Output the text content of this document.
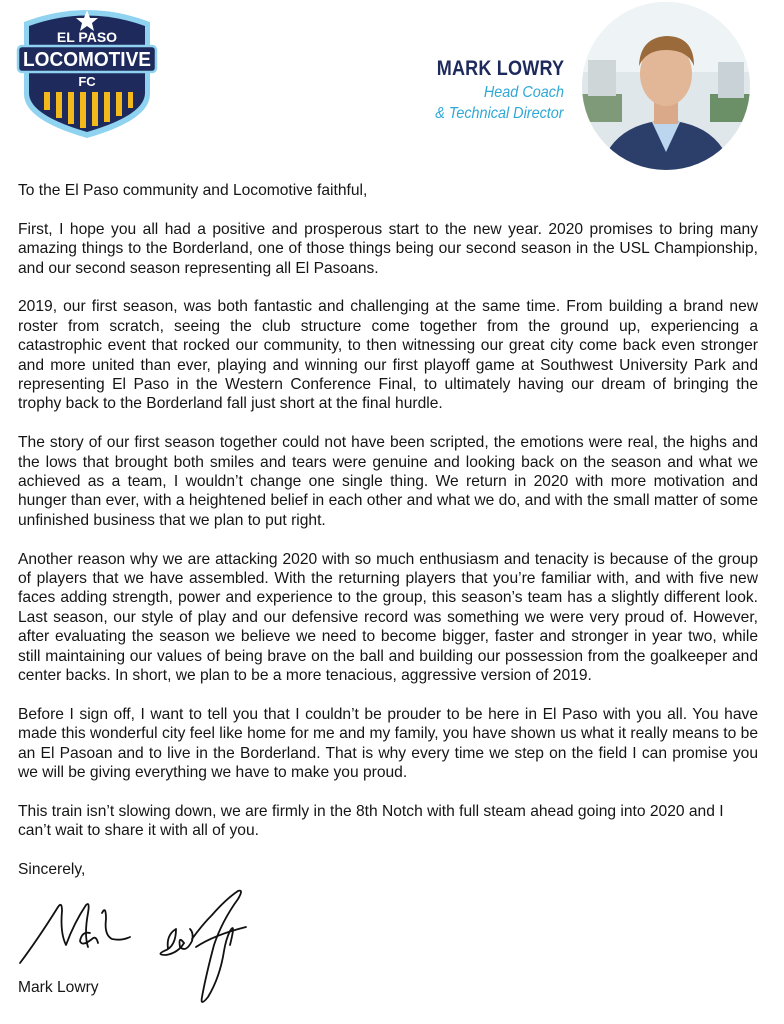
EL PASO
LOCOMOTIVE
FC
MARK LOWRY
Head Coach
& Technical Director

To the El Paso community and Locomotive faithful,

First, I hope you all had a positive and prosperous start to the new year. 2020 promises to bring many amazing things to the Borderland, one of those things being our second season in the USL Championship, and our second season representing all El Pasoans.

2019, our first season, was both fantastic and challenging at the same time. From building a brand new roster from scratch, seeing the club structure come together from the ground up, experiencing a catastrophic event that rocked our community, to then witnessing our great city come back even stronger and more united than ever, playing and winning our first playoff game at Southwest University Park and representing El Paso in the Western Conference Final, to ultimately having our dream of bringing the trophy back to the Borderland fall just short at the final hurdle.

The story of our first season together could not have been scripted, the emotions were real, the highs and the lows that brought both smiles and tears were genuine and looking back on the season and what we achieved as a team, I wouldn’t change one single thing. We return in 2020 with more motivation and hunger than ever, with a heightened belief in each other and what we do, and with the small matter of some unfinished business that we plan to put right.

Another reason why we are attacking 2020 with so much enthusiasm and tenacity is because of the group of players that we have assembled. With the returning players that you’re familiar with, and with five new faces adding strength, power and experience to the group, this season’s team has a slightly different look. Last season, our style of play and our defensive record was something we were very proud of. However, after evaluating the season we believe we need to become bigger, faster and stronger in year two, while still maintaining our values of being brave on the ball and building our possession from the goalkeeper and center backs. In short, we plan to be a more tenacious, aggressive version of 2019.

Before I sign off, I want to tell you that I couldn’t be prouder to be here in El Paso with you all. You have made this wonderful city feel like home for me and my family, you have shown us what it really means to be an El Pasoan and to live in the Borderland. That is why every time we step on the field I can promise you we will be giving everything we have to make you proud.

This train isn’t slowing down, we are firmly in the 8th Notch with full steam ahead going into 2020 and I can’t wait to share it with all of you.

Sincerely,

Mark Lowry
